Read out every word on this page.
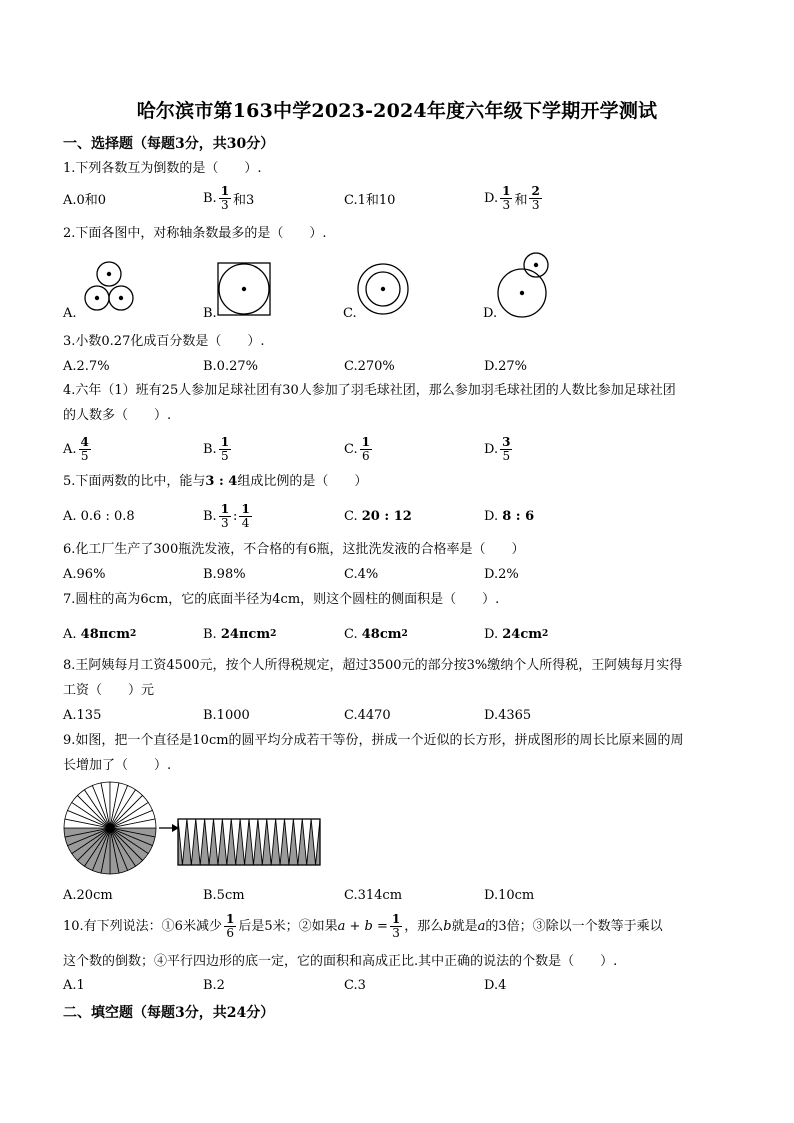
哈尔滨市第163中学2023-2024年度六年级下学期开学测试
一、选择题（每题3分，共30分）
1.下列各数互为倒数的是（　　）.
A.0和0	B. $\frac{1}{3}$ 和3	C.1和10	D. $\frac{1}{3}$ 和 $\frac{2}{3}$
2.下面各图中，对称轴条数最多的是（　　）.
A.	B.	C.	D.
3.小数0.27化成百分数是（　　）.
A.2.7%	B.0.27%	C.270%	D.27%
4.六年（1）班有25人参加足球社团有30人参加了羽毛球社团，那么参加羽毛球社团的人数比参加足球社团
的人数多（　　）.
A. $\frac{4}{5}$	B. $\frac{1}{5}$	C. $\frac{1}{6}$	D. $\frac{3}{5}$
5.下面两数的比中，能与3 : 4组成比例的是（　　）
A. 0.6 : 0.8	B. $\frac{1}{3}$ : $\frac{1}{4}$	C.
20 : 12	D.
8 : 6
6.化工厂生产了300瓶洗发液，不合格的有6瓶，这批洗发液的合格率是（　　）
A.96%	B.98%	C.4%	D.2%
7.圆柱的高为6cm，它的底面半径为4cm，则这个圆柱的侧面积是（　　）.
A.
48πcm 2	B.
24πcm 2	C.
48cm 2	D.
24cm 2
8.王阿姨每月工资4500元，按个人所得税规定，超过3500元的部分按3%缴纳个人所得税，王阿姨每月实得
工资（　　）元
A.135	B.1000	C.4470	D.4365
9.如图，把一个直径是10cm的圆平均分成若干等份，拼成一个近似的长方形，拼成图形的周长比原来圆的周
长增加了（　　）.
A.20cm	B.5cm	C.314cm	D.10cm
10.有下列说法：①6米减少 $\frac{1}{6}$ 后是5米；②如果 $a + b = \frac{1}{3}$ ，那么 b 就是 a 的3倍；③除以一个数等于乘以
这个数的倒数；④平行四边形的底一定，它的面积和高成正比.其中正确的说法的个数是（　　）.
A.1	B.2	C.3	D.4
二、填空题（每题3分，共24分）
